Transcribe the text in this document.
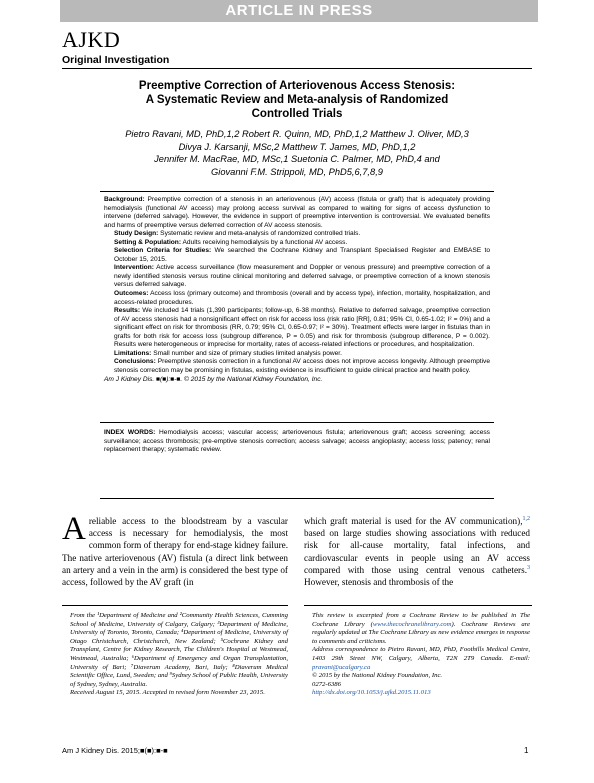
ARTICLE IN PRESS
AJKD
Original Investigation
Preemptive Correction of Arteriovenous Access Stenosis:
A Systematic Review and Meta-analysis of Randomized
Controlled Trials
Pietro Ravani, MD, PhD,1,2 Robert R. Quinn, MD, PhD,1,2 Matthew J. Oliver, MD,3
Divya J. Karsanji, MSc,2 Matthew T. James, MD, PhD,1,2
Jennifer M. MacRae, MD, MSc,1 Suetonia C. Palmer, MD, PhD,4 and
Giovanni F.M. Strippoli, MD, PhD5,6,7,8,9

Background: Preemptive correction of a stenosis in an arteriovenous (AV) access (fistula or graft) that is adequately providing hemodialysis (functional AV access) may prolong access survival as compared to waiting for signs of access dysfunction to intervene (deferred salvage). However, the evidence in support of preemptive intervention is controversial. We evaluated benefits and harms of preemptive versus deferred correction of AV access stenosis.

Study Design: Systematic review and meta-analysis of randomized controlled trials.

Setting & Population: Adults receiving hemodialysis by a functional AV access.

Selection Criteria for Studies: We searched the Cochrane Kidney and Transplant Specialised Register and EMBASE to October 15, 2015.

Intervention: Active access surveillance (flow measurement and Doppler or venous pressure) and preemptive correction of a newly identified stenosis versus routine clinical monitoring and deferred salvage, or preemptive correction of a known stenosis versus deferred salvage.

Outcomes: Access loss (primary outcome) and thrombosis (overall and by access type), infection, mortality, hospitalization, and access-related procedures.

Results: We included 14 trials (1,390 participants; follow-up, 6-38 months). Relative to deferred salvage, preemptive correction of AV access stenosis had a nonsignificant effect on risk for access loss (risk ratio [RR], 0.81; 95% CI, 0.65-1.02; I² = 0%) and a significant effect on risk for thrombosis (RR, 0.79; 95% CI, 0.65-0.97; I² = 30%). Treatment effects were larger in fistulas than in grafts for both risk for access loss (subgroup difference, P = 0.05) and risk for thrombosis (subgroup difference, P = 0.002). Results were heterogeneous or imprecise for mortality, rates of access-related infections or procedures, and hospitalization.

Limitations: Small number and size of primary studies limited analysis power.

Conclusions: Preemptive stenosis correction in a functional AV access does not improve access longevity. Although preemptive stenosis correction may be promising in fistulas, existing evidence is insufficient to guide clinical practice and health policy.

Am J Kidney Dis. ■(■):■-■. © 2015 by the National Kidney Foundation, Inc.

INDEX WORDS: Hemodialysis access; vascular access; arteriovenous fistula; arteriovenous graft; access screening; access surveillance; access thrombosis; pre-emptive stenosis correction; access salvage; access angioplasty; access loss; patency; renal replacement therapy; systematic review.

Areliable access to the bloodstream by a vascular access is necessary for hemodialysis, the most common form of therapy for end-stage kidney failure. The native arteriovenous (AV) fistula (a direct link between an artery and a vein in the arm) is considered the best type of access, followed by the AV graft (in

which graft material is used for the AV communication),$^{1,2}$ based on large studies showing associations with reduced risk for all-cause mortality, fatal infections, and cardiovascular events in people using an AV access compared with those using central venous catheters.$^3$ However, stenosis and thrombosis of the

From the ¹Department of Medicine and ²Community Health Sciences, Cumming School of Medicine, University of Calgary, Calgary; ³Department of Medicine, University of Toronto, Toronto, Canada; ⁴Department of Medicine, University of Otago Christchurch, Christchurch, New Zealand; ⁵Cochrane Kidney and Transplant, Centre for Kidney Research, The Children's Hospital at Westmead, Westmead, Australia; ⁶Department of Emergency and Organ Transplantation, University of Bari; ⁷Diaverum Academy, Bari, Italy; ⁸Diaverum Medical Scientific Office, Lund, Sweden; and ⁹Sydney School of Public Health, University of Sydney, Sydney, Australia.

Received August 15, 2015. Accepted in revised form November 23, 2015.

This review is excerpted from a Cochrane Review to be published in The Cochrane Library (www.thecochranelibrary.com). Cochrane Reviews are regularly updated at The Cochrane Library as new evidence emerges in response to comments and criticisms.

Address correspondence to Pietro Ravani, MD, PhD, Foothills Medical Centre, 1403 29th Street NW, Calgary, Alberta, T2N 2T9 Canada. E-mail: pravani@ucalgary.ca

© 2015 by the National Kidney Foundation, Inc.

0272-6386

http://dx.doi.org/10.1053/j.ajkd.2015.11.013

Am J Kidney Dis. 2015;■(■):■-■	1
